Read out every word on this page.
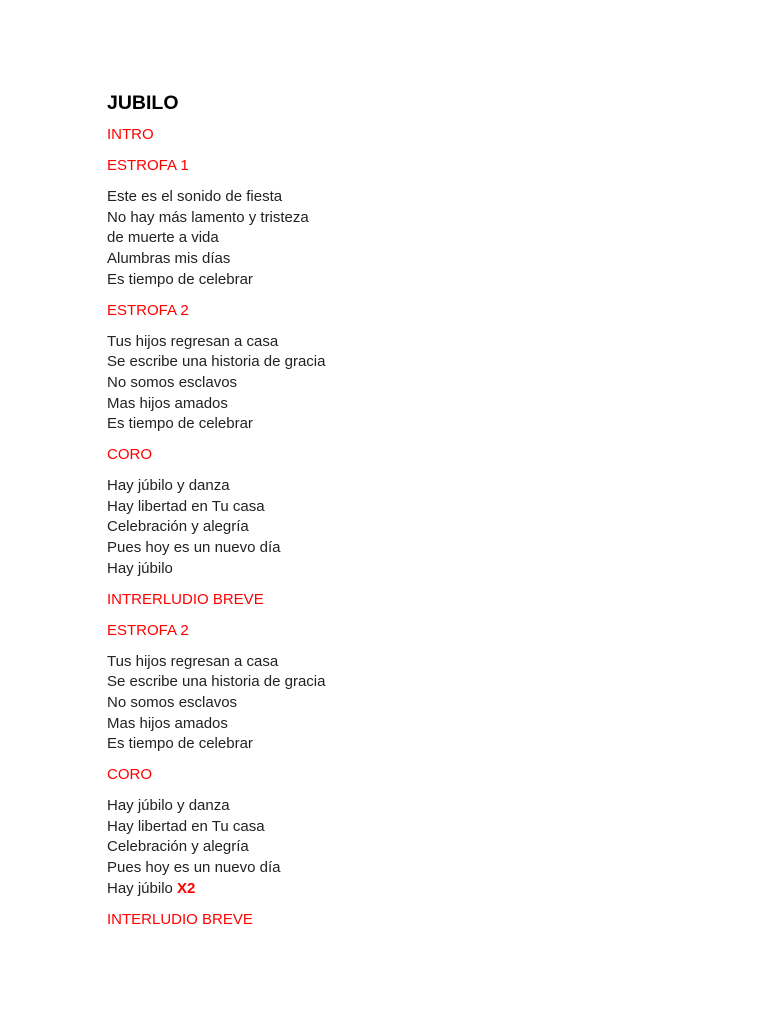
JUBILO
INTRO
ESTROFA 1
Este es el sonido de fiesta
No hay más lamento y tristeza
de muerte a vida
Alumbras mis días
Es tiempo de celebrar
ESTROFA 2
Tus hijos regresan a casa
Se escribe una historia de gracia
No somos esclavos
Mas hijos amados
Es tiempo de celebrar
CORO
Hay júbilo y danza
Hay libertad en Tu casa
Celebración y alegría
Pues hoy es un nuevo día
Hay júbilo
INTRERLUDIO BREVE
ESTROFA 2
Tus hijos regresan a casa
Se escribe una historia de gracia
No somos esclavos
Mas hijos amados
Es tiempo de celebrar
CORO
Hay júbilo y danza
Hay libertad en Tu casa
Celebración y alegría
Pues hoy es un nuevo día
Hay júbilo X2
INTERLUDIO BREVE
